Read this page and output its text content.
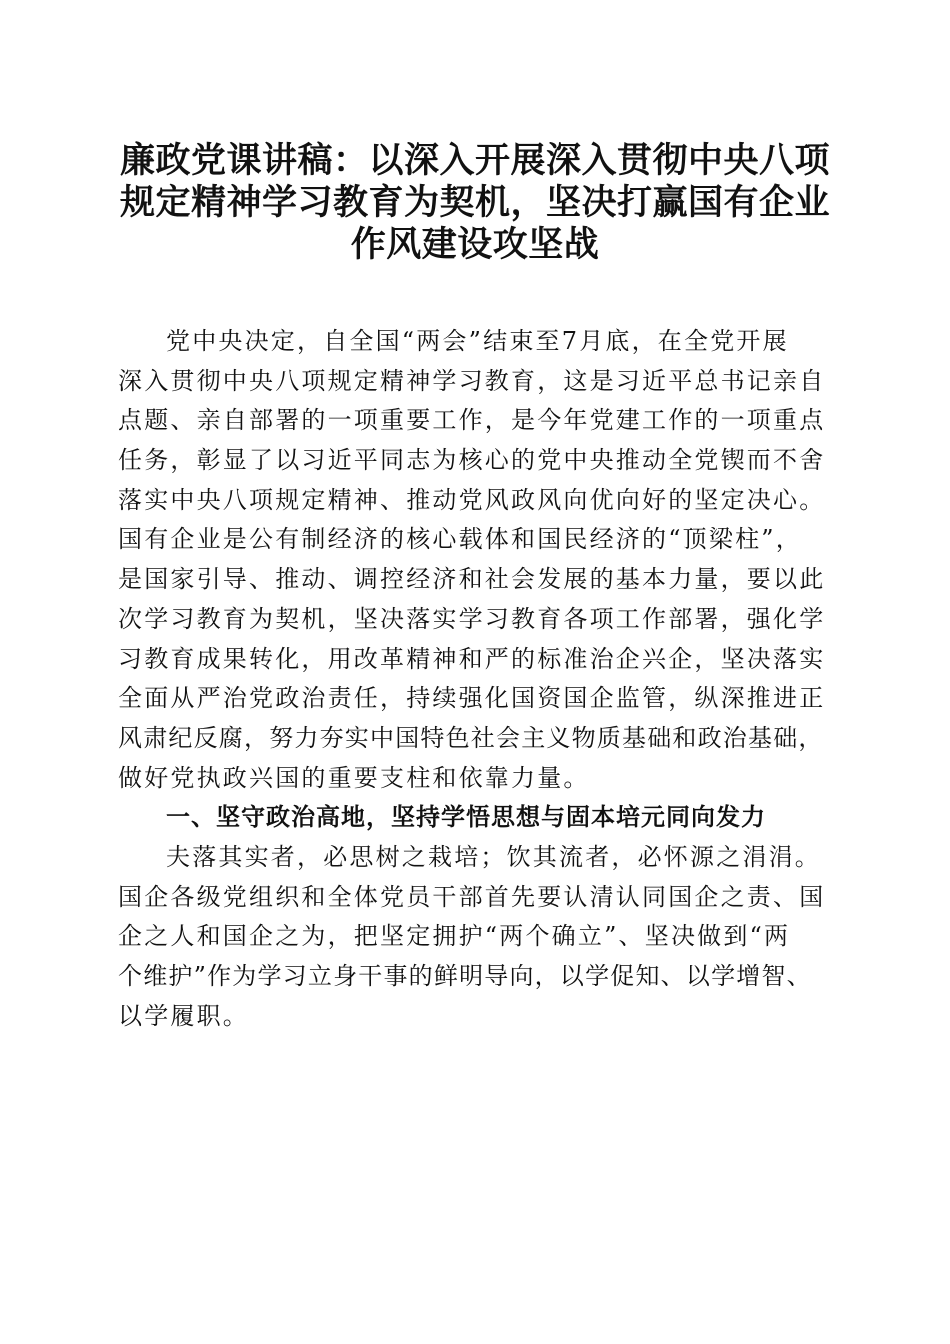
廉政党课讲稿：以深入开展深入贯彻中央八项
规定精神学习教育为契机，坚决打赢国有企业
作风建设攻坚战
党中央决定，自全国“两会”结束至7月底，在全党开展
深入贯彻中央八项规定精神学习教育，这是习近平总书记亲自
点题、亲自部署的一项重要工作，是今年党建工作的一项重点
任务，彰显了以习近平同志为核心的党中央推动全党锲而不舍
落实中央八项规定精神、推动党风政风向优向好的坚定决心。
国有企业是公有制经济的核心载体和国民经济的“顶梁柱”，
是国家引导、推动、调控经济和社会发展的基本力量，要以此
次学习教育为契机，坚决落实学习教育各项工作部署，强化学
习教育成果转化，用改革精神和严的标准治企兴企，坚决落实
全面从严治党政治责任，持续强化国资国企监管，纵深推进正
风肃纪反腐，努力夯实中国特色社会主义物质基础和政治基础，
做好党执政兴国的重要支柱和依靠力量。
一、坚守政治高地，坚持学悟思想与固本培元同向发力
夫落其实者，必思树之栽培；饮其流者，必怀源之涓涓。
国企各级党组织和全体党员干部首先要认清认同国企之责、国
企之人和国企之为，把坚定拥护“两个确立”、坚决做到“两
个维护”作为学习立身干事的鲜明导向，以学促知、以学增智、
以学履职。
